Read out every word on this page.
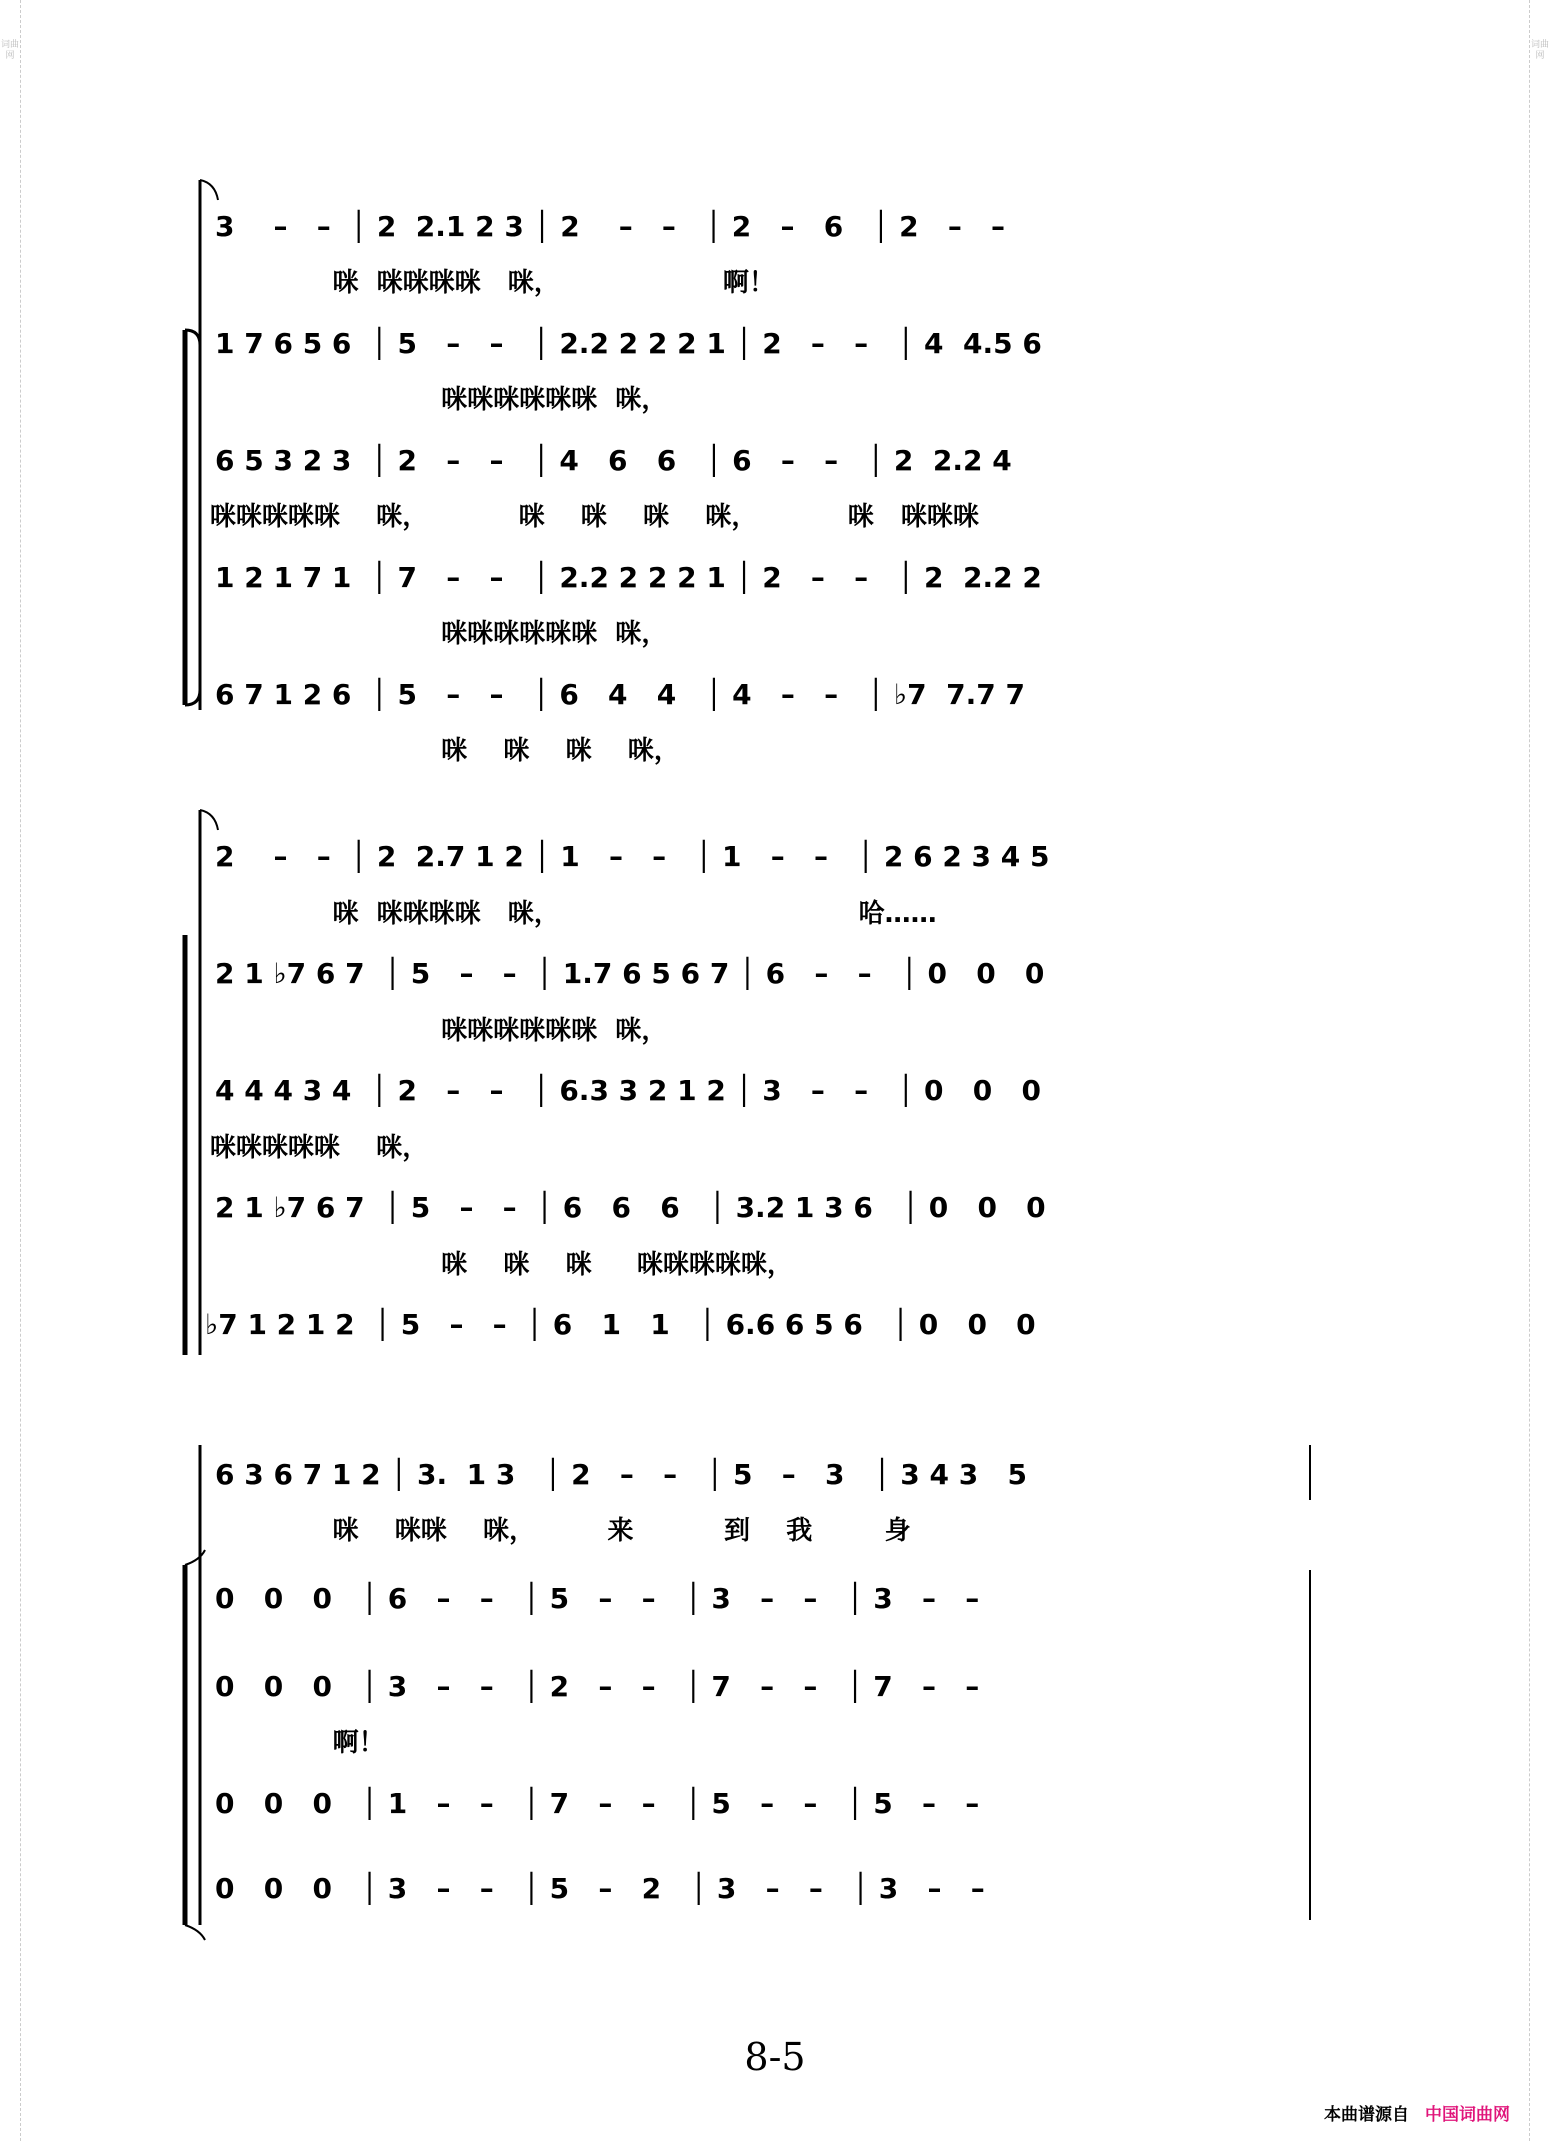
词曲网
词曲网
3    –   –  │ 2  2.1 2 3 │ 2    –   –   │ 2   –   6   │ 2   –   –
咪  咪咪咪咪   咪，                  啊！
1 7 6 5 6  │ 5   –   –   │ 2.2 2 2 2 1 │ 2   –   –   │ 4  4.5 6
咪咪咪咪咪咪  咪，
6 5 3 2 3  │ 2   –   –   │ 4   6   6   │ 6   –   –   │ 2  2.2 4
咪咪咪咪咪    咪，          咪    咪    咪    咪，          咪   咪咪咪
1 2 1 7 1  │ 7   –   –   │ 2.2 2 2 2 1 │ 2   –   –   │ 2  2.2 2
咪咪咪咪咪咪  咪，
6 7 1 2 6  │ 5   –   –   │ 6   4   4   │ 4   –   –   │ ♭7  7.7 7
咪    咪    咪    咪，
2    –   –  │ 2  2.7 1 2 │ 1   –   –   │ 1   –   –   │ 2 6 2 3 4 5
咪  咪咪咪咪   咪，                                 哈……
2 1 ♭7 6 7  │ 5   –   –  │ 1.7 6 5 6 7 │ 6   –   –   │ 0   0   0
咪咪咪咪咪咪  咪，
4 4 4 3 4  │ 2   –   –   │ 6.3 3 2 1 2 │ 3   –   –   │ 0   0   0
咪咪咪咪咪    咪，
2 1 ♭7 6 7  │ 5   –   –  │ 6   6   6   │ 3.2 1 3 6   │ 0   0   0
咪    咪    咪     咪咪咪咪咪，
♭7 1 2 1 2  │ 5   –   –  │ 6   1   1   │ 6.6 6 5 6   │ 0   0   0
6 3 6 7 1 2 │ 3.  1 3   │ 2   –   –   │ 5   –   3   │ 3 4 3   5
咪    咪咪    咪，        来          到    我        身
0   0   0   │ 6   –   –   │ 5   –   –   │ 3   –   –   │ 3   –   –
0   0   0   │ 3   –   –   │ 2   –   –   │ 7   –   –   │ 7   –   –
啊！
0   0   0   │ 1   –   –   │ 7   –   –   │ 5   –   –   │ 5   –   –
0   0   0   │ 3   –   –   │ 5   –   2   │ 3   –   –   │ 3   –   –
8-5
本曲谱源自 中国词曲网
